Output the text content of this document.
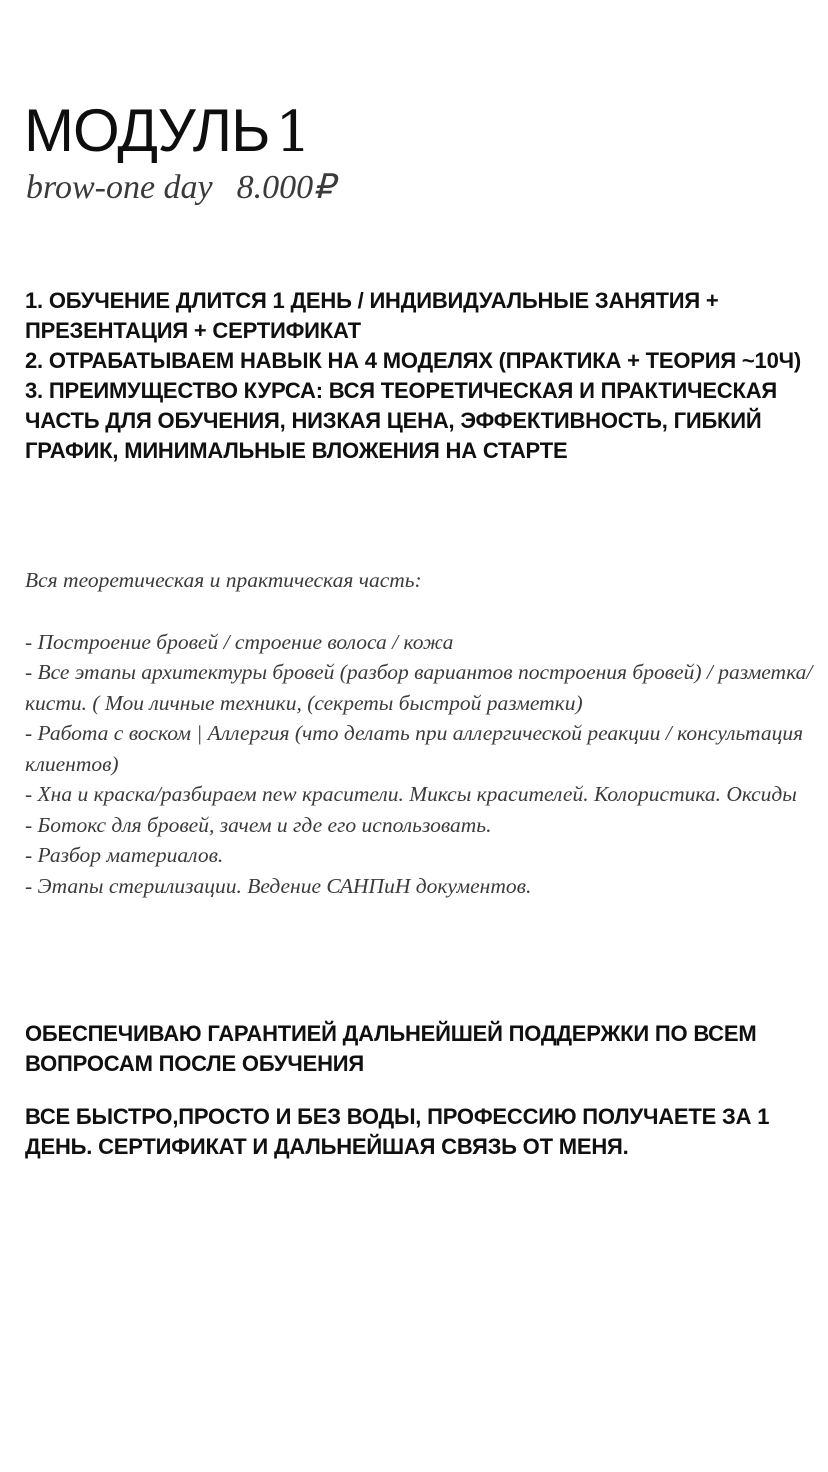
МОДУЛЬ 1
brow-one day 8.000₽

1. ОБУЧЕНИЕ ДЛИТСЯ 1 ДЕНЬ / ИНДИВИДУАЛЬНЫЕ ЗАНЯТИЯ + ПРЕЗЕНТАЦИЯ + СЕРТИФИКАТ

2. ОТРАБАТЫВАЕМ НАВЫК НА 4 МОДЕЛЯХ (ПРАКТИКА + ТЕОРИЯ ~10Ч)

3. ПРЕИМУЩЕСТВО КУРСА: ВСЯ ТЕОРЕТИЧЕСКАЯ И ПРАКТИЧЕСКАЯ ЧАСТЬ ДЛЯ ОБУЧЕНИЯ, НИЗКАЯ ЦЕНА, ЭФФЕКТИВНОСТЬ, ГИБКИЙ ГРАФИК, МИНИМАЛЬНЫЕ ВЛОЖЕНИЯ НА СТАРТЕ

Вся теоретическая и практическая часть:

- Построение бровей / строение волоса / кожа

- Все этапы архитектуры бровей (разбор вариантов построения бровей) / разметка/кисти. ( Мои личные техники, (секреты быстрой разметки)

- Работа с воском | Аллергия (что делать при аллергической реакции / консультация клиентов)

- Хна и краска/разбираем new красители. Миксы красителей. Колористика. Оксиды

- Ботокс для бровей, зачем и где его использовать.

- Разбор материалов.

- Этапы стерилизации. Ведение САНПиН документов.

ОБЕСПЕЧИВАЮ ГАРАНТИЕЙ ДАЛЬНЕЙШЕЙ ПОДДЕРЖКИ ПО ВСЕМ ВОПРОСАМ ПОСЛЕ ОБУЧЕНИЯ

ВСЕ БЫСТРО,ПРОСТО И БЕЗ ВОДЫ, ПРОФЕССИЮ ПОЛУЧАЕТЕ ЗА 1 ДЕНЬ. СЕРТИФИКАТ И ДАЛЬНЕЙШАЯ СВЯЗЬ ОТ МЕНЯ.
